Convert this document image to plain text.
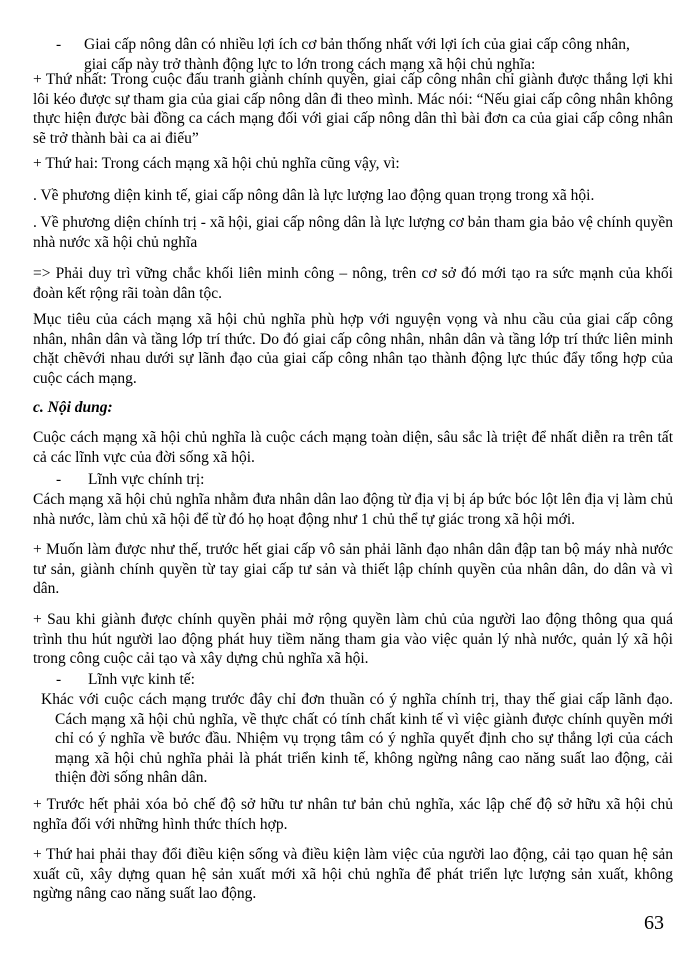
- Giai cấp nông dân có nhiều lợi ích cơ bản thống nhất với lợi ích của giai cấp công nhân,
giai cấp này trở thành động lực to lớn trong cách mạng xã hội chủ nghĩa:

+ Thứ nhất: Trong cuộc đấu tranh giành chính quyền, giai cấp công nhân chỉ giành được thắng lợi khi lôi kéo được sự tham gia của giai cấp nông dân đi theo mình. Mác nói: “Nếu giai cấp công nhân không thực hiện được bài đồng ca cách mạng đối với giai cấp nông dân thì bài đơn ca của giai cấp công nhân sẽ trở thành bài ca ai điếu”

+ Thứ hai: Trong cách mạng xã hội chủ nghĩa cũng vậy, vì:

. Về phương diện kinh tế, giai cấp nông dân là lực lượng lao động quan trọng trong xã hội.

. Về phương diện chính trị - xã hội, giai cấp nông dân là lực lượng cơ bản tham gia bảo vệ chính quyền nhà nước xã hội chủ nghĩa

=> Phải duy trì vững chắc khối liên minh công – nông, trên cơ sở đó mới tạo ra sức mạnh của khối đoàn kết rộng rãi toàn dân tộc.

Mục tiêu của cách mạng xã hội chủ nghĩa phù hợp với nguyện vọng và nhu cầu của giai cấp công nhân, nhân dân và tầng lớp trí thức. Do đó giai cấp công nhân, nhân dân và tầng lớp trí thức liên minh chặt chẽvới nhau dưới sự lãnh đạo của giai cấp công nhân tạo thành động lực thúc đẩy tổng hợp của cuộc cách mạng.

c. Nội dung:

Cuộc cách mạng xã hội chủ nghĩa là cuộc cách mạng toàn diện, sâu sắc là triệt để nhất diễn ra trên tất cả các lĩnh vực của đời sống xã hội.

- Lĩnh vực chính trị:

Cách mạng xã hội chủ nghĩa nhằm đưa nhân dân lao động từ địa vị bị áp bức bóc lột lên địa vị làm chủ nhà nước, làm chủ xã hội để từ đó họ hoạt động như 1 chủ thể tự giác trong xã hội mới.

+ Muốn làm được như thế, trước hết giai cấp vô sản phải lãnh đạo nhân dân đập tan bộ máy nhà nước tư sản, giành chính quyền từ tay giai cấp tư sản và thiết lập chính quyền của nhân dân, do dân và vì dân.

+ Sau khi giành được chính quyền phải mở rộng quyền làm chủ của người lao động thông qua quá trình thu hút người lao động phát huy tiềm năng tham gia vào việc quản lý nhà nước, quản lý xã hội trong công cuộc cải tạo và xây dựng chủ nghĩa xã hội.

- Lĩnh vực kinh tế:

Khác với cuộc cách mạng trước đây chỉ đơn thuần có ý nghĩa chính trị, thay thế giai cấp lãnh đạo. Cách mạng xã hội chủ nghĩa, về thực chất có tính chất kinh tế vì việc giành được chính quyền mới chỉ có ý nghĩa về bước đầu. Nhiệm vụ trọng tâm có ý nghĩa quyết định cho sự thắng lợi của cách mạng xã hội chủ nghĩa phải là phát triển kinh tế, không ngừng nâng cao năng suất lao động, cải thiện đời sống nhân dân.

+ Trước hết phải xóa bỏ chế độ sở hữu tư nhân tư bản chủ nghĩa, xác lập chế độ sở hữu xã hội chủ nghĩa đối với những hình thức thích hợp.

+ Thứ hai phải thay đổi điều kiện sống và điều kiện làm việc của người lao động, cải tạo quan hệ sản xuất cũ, xây dựng quan hệ sản xuất mới xã hội chủ nghĩa để phát triển lực lượng sản xuất, không ngừng nâng cao năng suất lao động.

63
